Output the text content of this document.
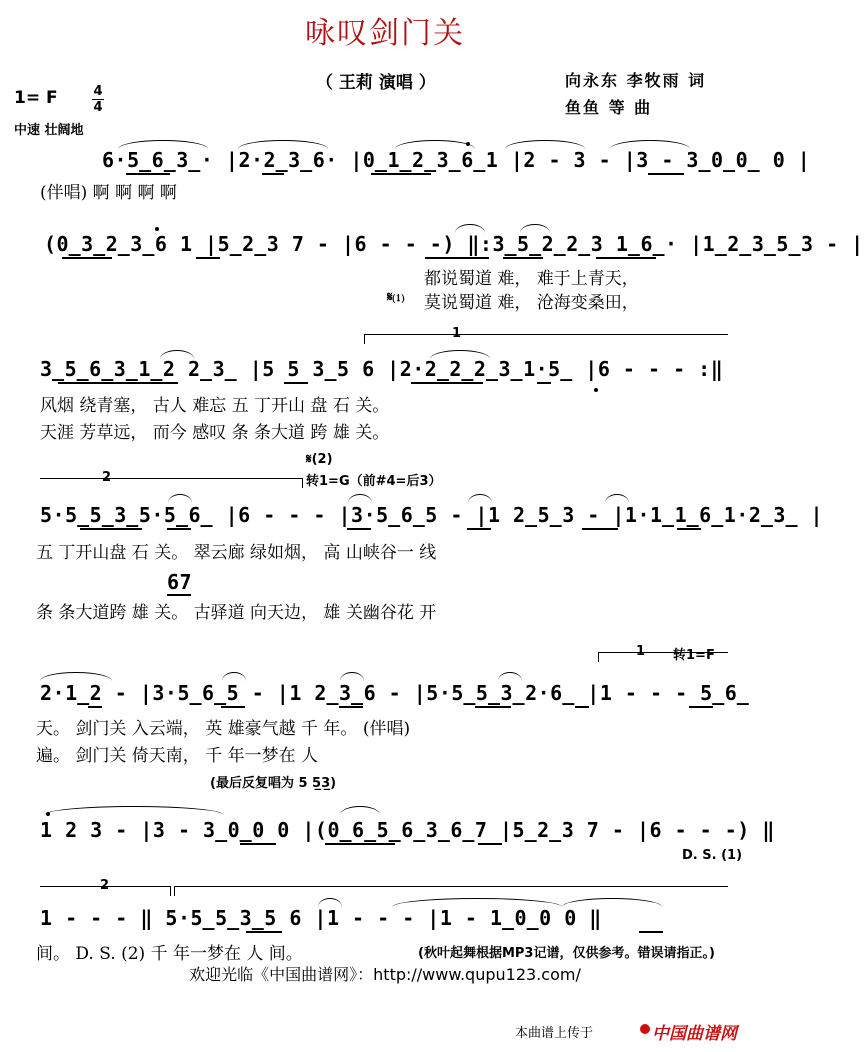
咏叹剑门关
（ 王莉 演唱 ）	向永东 李牧雨 词
鱼鱼 等 曲
1= F	4
4
中速 壮阔地
6·5̲6̲3̲· |2·2̲3̲6· |0̲1̲2̲3̲6̲1 |2 - 3 - |3 - 3̲0̲0̲ 0 |
(伴唱) 啊 啊 啊 啊
(0̲3̲2̲3̲6 1 |5̲2̲3 7 - |6 - - -) ‖:3̲5̲2̲2̲3 1̲6̲· |1̲2̲3̲5̲3 - |
都说蜀道 难， 难于上青天，
𝄋⑴ 莫说蜀道 难， 沧海变桑田，
1
3̲5̲6̲3̲1̲2 2̲3̲ |5 5 3̲5 6 |2·2̲2̲2̲3̲1·5̲ |6 - - - :‖
风烟 绕青塞， 古人 难忘 五 丁开山 盘 石 关。
天涯 芳草远， 而今 感叹 条 条大道 跨 雄 关。
2
𝄋(2)
转1=G（前#4=后3）
5·5̲5̲3̲5·5̲6̲ |6 - - - |3·5̲6̲5 - |1 2̲5̲3 - |1·1̲1̲6̲1·2̲3̲ |
五 丁开山盘 石 关。 翠云廊 绿如烟， 高 山峡谷一 线
67
条 条大道跨 雄 关。 古驿道 向天边， 雄 关幽谷花 开
1 转1=F
2·1̲2 - |3·5̲6̲5 - |1 2̲3̲6 - |5·5̲5̲3̲2·6̲ |1 - - - 5̲6̲
天。 剑门关 入云端， 英 雄豪气越 千 年。 (伴唱)
遍。 剑门关 倚天南， 千 年一梦在 人
(最后反复唱为 5 5̲3̲)
1 2 3 - |3 - 3̲0̲0 0 |(0̲6̲5̲6̲3̲6̲7 |5̲2̲3 7 - |6 - - -) ‖
D. S. (1)
2
1 - - - ‖ 5·5̲5̲3̲5 6 |1 - - - |1 - 1̲0̲0 0 ‖
间。 D. S. (2) 千 年一梦在 人 间。	(秋叶起舞根据MP3记谱，仅供参考。错误请指正。)
欢迎光临《中国曲谱网》：http://www.qupu123.com/
本曲谱上传于	中国曲谱网
